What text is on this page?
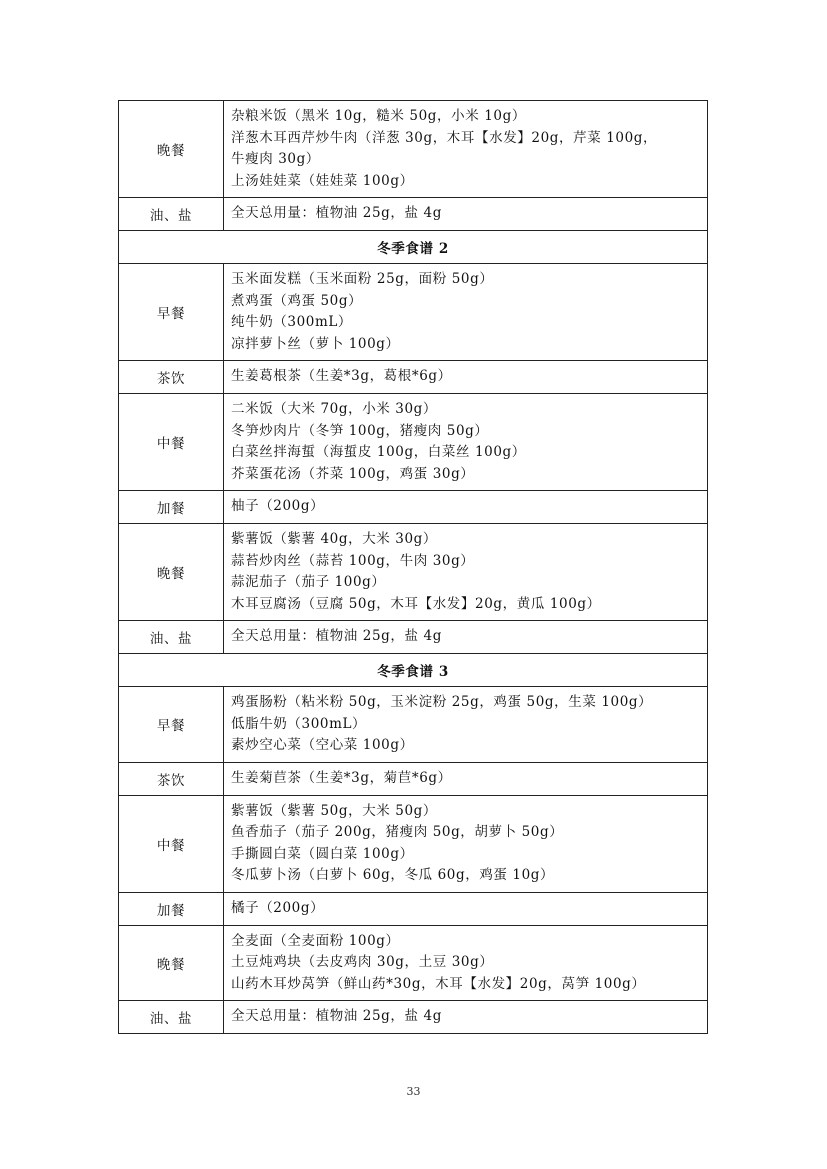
晚餐	杂粮米饭（黑米 10g，糙米 50g，小米 10g）
洋葱木耳西芹炒牛肉（洋葱 30g，木耳【水发】20g，芹菜 100g，
牛瘦肉 30g）
上汤娃娃菜（娃娃菜 100g）

油、盐	全天总用量：植物油 25g，盐 4g

冬季食谱 2	
早餐	玉米面发糕（玉米面粉 25g，面粉 50g）
煮鸡蛋（鸡蛋 50g）
纯牛奶（300mL）
凉拌萝卜丝（萝卜 100g）

茶饮	生姜葛根茶（生姜*3g，葛根*6g）

中餐	二米饭（大米 70g，小米 30g）
冬笋炒肉片（冬笋 100g，猪瘦肉 50g）
白菜丝拌海蜇（海蜇皮 100g，白菜丝 100g）
芥菜蛋花汤（芥菜 100g，鸡蛋 30g）

加餐	柚子（200g）

晚餐	紫薯饭（紫薯 40g，大米 30g）
蒜苔炒肉丝（蒜苔 100g，牛肉 30g）
蒜泥茄子（茄子 100g）
木耳豆腐汤（豆腐 50g，木耳【水发】20g，黄瓜 100g）

油、盐	全天总用量：植物油 25g，盐 4g

冬季食谱 3	
早餐	鸡蛋肠粉（粘米粉 50g，玉米淀粉 25g，鸡蛋 50g，生菜 100g）
低脂牛奶（300mL）
素炒空心菜（空心菜 100g）

茶饮	生姜菊苣茶（生姜*3g，菊苣*6g）

中餐	紫薯饭（紫薯 50g，大米 50g）
鱼香茄子（茄子 200g，猪瘦肉 50g，胡萝卜 50g）
手撕圆白菜（圆白菜 100g）
冬瓜萝卜汤（白萝卜 60g，冬瓜 60g，鸡蛋 10g）

加餐	橘子（200g）

晚餐	全麦面（全麦面粉 100g）
土豆炖鸡块（去皮鸡肉 30g，土豆 30g）
山药木耳炒莴笋（鲜山药*30g，木耳【水发】20g，莴笋 100g）

油、盐	全天总用量：植物油 25g，盐 4g
33
